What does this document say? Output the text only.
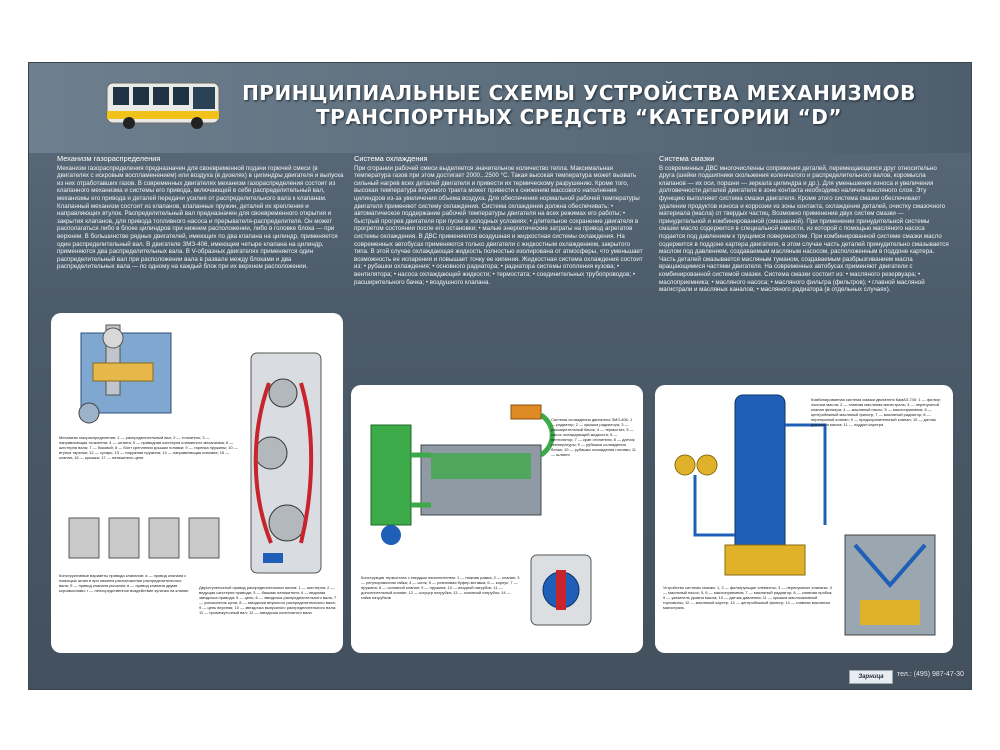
ПРИНЦИПИАЛЬНЫЕ СХЕМЫ УСТРОЙСТВА МЕХАНИЗМОВ
ТРАНСПОРТНЫХ СРЕДСТВ “КАТЕГОРИИ “D”
Механизм газораспределения

Механизм газораспределения предназначен для своевременной подачи горючей смеси (в двигателях с искровым воспламенением) или воздуха (в дизелях) в цилиндры двигателя и выпуска из них отработавших газов. В современных двигателях механизм газораспределения состоит из клапанного механизма и системы его привода, включающей в себя распределительный вал, механизмы его привода и деталей передачи усилия от распределительного вала к клапанам. Клапанный механизм состоит из клапанов, клапанных пружин, деталей их крепления и направляющих втулок. Распределительный вал предназначен для своевременного открытия и закрытия клапанов, для привода топливного насоса и прерывателя-распределителя. Он может располагаться либо в блоке цилиндров при нижнем расположении, либо в головке блока — при верхнем. В большинстве рядных двигателей, имеющих по два клапана на цилиндр, применяется один распределительный вал. В двигателе ЗМЗ-406, имеющем четыре клапана на цилиндр, применяются два распределительных вала. В V-образных двигателях применяется один распределительный вал при расположении вала в развале между блоками и два распределительных вала — по одному на каждый блок при их верхнем расположении.

Система охлаждения

При сгорании рабочей смеси выделяется значительное количество тепла. Максимальная температура газов при этом достигает 2000...2500 °С. Такая высокая температура может вызвать сильный нагрев всех деталей двигателя и привести их термическому разрушению. Кроме того, высокая температура впускного тракта может привести к снижению массового наполнения цилиндров из-за увеличения объема воздуха. Для обеспечения нормальной рабочей температуры двигателя применяют систему охлаждения. Система охлаждения должна обеспечивать: • автоматическое поддержание рабочей температуры двигателя на всех режимах его работы; • быстрый прогрев двигателя при пуске в холодных условиях; • длительное сохранение двигателя в прогретом состоянии после его остановки; • малые энергетические затраты на привод агрегатов системы охлаждения. В ДВС применяются воздушная и жидкостная системы охлаждения. На современных автобусах применяются только двигатели с жидкостным охлаждением, закрытого типа. В этой случае охлаждающая жидкость полностью изолирована от атмосферы, что уменьшает возможность ее испарения и повышает точку ее кипения. Жидкостная система охлаждения состоит из: • рубашки охлаждения; • основного радиатора; • радиатора системы отопления кузова; • вентилятора; • насоса охлаждающей жидкости; • термостата; • соединительных трубопроводов; • расширительного бачка; • воздушного клапана.

Система смазки

В современных ДВС многочисленны сопряжения деталей, перемещающихся друг относительно друга (шейки подшипники скольжения коленчатого и распределительного валов, коромысла клапанов — их оси, поршни — зеркала цилиндра и др.). Для уменьшения износа и увеличения долговечности деталей двигателя в зоне контакта необходимо наличие масляного слоя. Эту функцию выполняет система смазки двигателя. Кроме этого система смазки обеспечивает удаление продуктов износа и коррозии из зоны контакта, охлаждение деталей, очистку смазочного материала (масла) от твердых частиц. Возможно применение двух систем смазки — принудительной и комбинированной (смешанной). При применении принудительной системы смазки масло содержится в специальной емкости, из которой с помощью масляного насоса подается под давлением к трущимся поверхностям. При комбинированной системе смазки масло содержится в поддоне картера двигателя, в этом случае часть деталей принудительно смазывается маслом под давлением, создаваемым масляным насосом, расположенным в поддоне картера. Часть деталей смазывается масляным туманом, создаваемым разбрызгиванием масла вращающимися частями двигателя. На современных автобусах применяют двигатели с комбинированной системой смазки. Система смазки состоит из: • масляного резервуара; • маслоприемника; • масляного насоса; • масляного фильтра (фильтров); • главной масляной магистрали и масляных каналов; • масляного радиатора (в отдельных случаях).

Механизм газораспределения: 1 — распределительный вал; 2 — толкатель; 3 — направляющая толкателя; 4 — штанга; 5 — приводная шестерня клапанного механизма; 6 — шестерня вала; 7 — боковой; 8 — болт крепления крышки головки; 9 — тарелка пружины; 10 — втулка тарелки; 12 — сухарь; 13 — наружная пружина; 14 — направляющая клапана; 15 — клапан; 16 — крышка; 17 — натяжитель цепи
Конструктивные варианты привода клапанов: а — привод клапана с помощью штанги при нижнем расположении распределительного вала; б — привод клапана рычагом; в — привод клапана двумя коромыслами; г — непосредственное воздействие кулачка на клапан
Двухступенчатый привод распределительных валов: 1 — шестерня; 2 — ведущая шестерня привода; 3 — башмак натяжителя; 4 — ведомая звездочка привода; 5 — цепь; 6 — звездочка распределительного вала; 7 — успокоитель цепи; 8 — звездочка впускного распределительного вала; 9 — цепь верхняя; 10 — звездочка выпускного распределительного вала; 11 — промежуточный вал; 12 — звездочка коленчатого вала
Система охлаждения двигателя ЗМЗ-406: 1 — радиатор; 2 — крышка радиатора; 3 — расширительный бачок; 4 — термостат; 5 — насос охлаждающей жидкости; 6 — вентилятор; 7 — кран отопителя; 8 — датчик температуры; 9 — рубашка охлаждения блока; 10 — рубашка охлаждения головки; 11 — шланги
Конструкция термостата с твердым наполнителем: 1 — нижняя рамка; 2 — клапан; 3 — регулировочная гайка; 4 — шток; 5 — резиновая буфер-вставка; 6 — корпус; 7 — пружина; 8 — основной клапан; 9 — пружина; 10 — входной патрубок; 11 — дополнительный клапан; 12 — штуцер патрубка; 13 — основной патрубок; 14 — гайка патрубков
Комбинированная система смазки двигателя КамАЗ-740: 1 — фильтр очистки масла; 2 — главная масляная магистраль; 3 — перепускной клапан фильтра; 4 — масляный насос; 5 — маслоприемник; 6 — центробежный масляный фильтр; 7 — масляный радиатор; 8 — перепускной клапан; 9 — предохранительный клапан; 10 — датчик давления масла; 11 — поддон картера
Устройство системы смазки: 1, 2 — фильтрующие элементы; 3 — перепускные клапаны; 4 — масляный насос; 5, 6 — маслоприемник; 7 — масляный радиатор; 8 — сливная пробка; 9 — указатель уровня масла; 10 — датчик давления; 11 — крышка маслозаливной горловины; 12 — масляный картер; 13 — центробежный фильтр; 14 — главная масляная магистраль
Зарница	тел.: (495) 987-47-30
